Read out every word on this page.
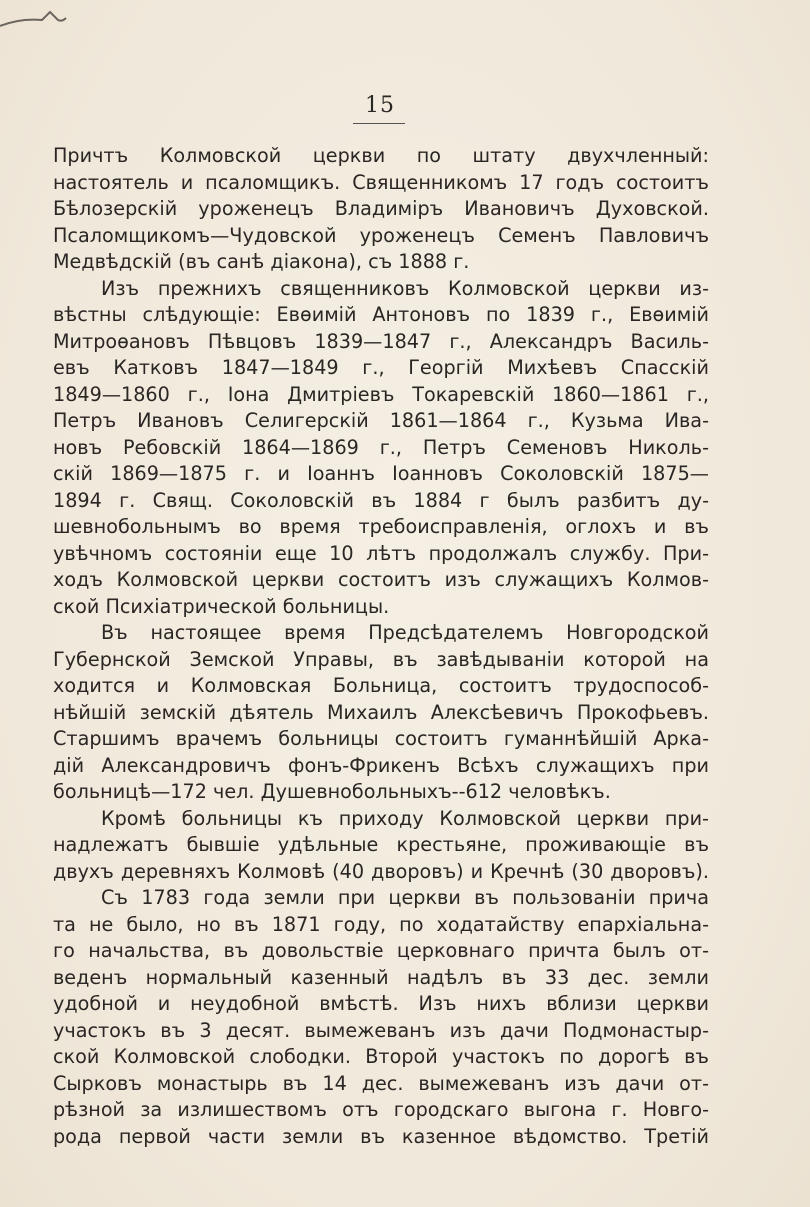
15
Причтъ Колмовской церкви по штату двухчленный:
настоятель и псаломщикъ. Священникомъ 17 годъ состоитъ
Бѣлозерскій уроженецъ Владиміръ Ивановичъ Духовской.
Псаломщикомъ—Чудовской уроженецъ Семенъ Павловичъ
Медвѣдскій (въ санѣ діакона), съ 1888 г.
Изъ прежнихъ священниковъ Колмовской церкви из-
вѣстны слѣдующіе: Евѳимій Антоновъ по 1839 г., Евѳимій
Митроѳановъ Пѣвцовъ 1839—1847 г., Александръ Василь-
евъ Катковъ 1847—1849 г., Георгій Михѣевъ Спасскій
1849—1860 г., Іона Дмитріевъ Токаревскій 1860—1861 г.,
Петръ Ивановъ Селигерскій 1861—1864 г., Кузьма Ива-
новъ Ребовскій 1864—1869 г., Петръ Семеновъ Николь-
скій 1869—1875 г. и Іоаннъ Іоанновъ Соколовскій 1875—
1894 г. Свящ. Соколовскій въ 1884 г былъ разбитъ ду-
шевнобольнымъ во время требоисправленія, оглохъ и въ
увѣчномъ состояніи еще 10 лѣтъ продолжалъ службу. При-
ходъ Колмовской церкви состоитъ изъ служащихъ Колмов-
ской Психіатрической больницы.
Въ настоящее время Предсѣдателемъ Новгородской
Губернской Земской Управы, въ завѣдываніи которой на
ходится и Колмовская Больница, состоитъ трудоспособ-
нѣйшій земскій дѣятель Михаилъ Алексѣевичъ Прокофьевъ.
Старшимъ врачемъ больницы состоитъ гуманнѣйшій Арка-
дій Александровичъ фонъ-Фрикенъ Всѣхъ служащихъ при
больницѣ—172 чел. Душевнобольныхъ--612 человѣкъ.
Кромѣ больницы къ приходу Колмовской церкви при-
надлежатъ бывшіе удѣльные крестьяне, проживающіе въ
двухъ деревняхъ Колмовѣ (40 дворовъ) и Кречнѣ (30 дворовъ).
Съ 1783 года земли при церкви въ пользованіи прича
та не было, но въ 1871 году, по ходатайству епархіальна-
го начальства, въ довольствіе церковнаго причта былъ от-
веденъ нормальный казенный надѣлъ въ 33 дес. земли
удобной и неудобной вмѣстѣ. Изъ нихъ вблизи церкви
участокъ въ 3 десят. вымежеванъ изъ дачи Подмонастыр-
ской Колмовской слободки. Второй участокъ по дорогѣ въ
Сырковъ монастырь въ 14 дес. вымежеванъ изъ дачи от-
рѣзной за излишествомъ отъ городскаго выгона г. Новго-
рода первой части земли въ казенное вѣдомство. Третій
